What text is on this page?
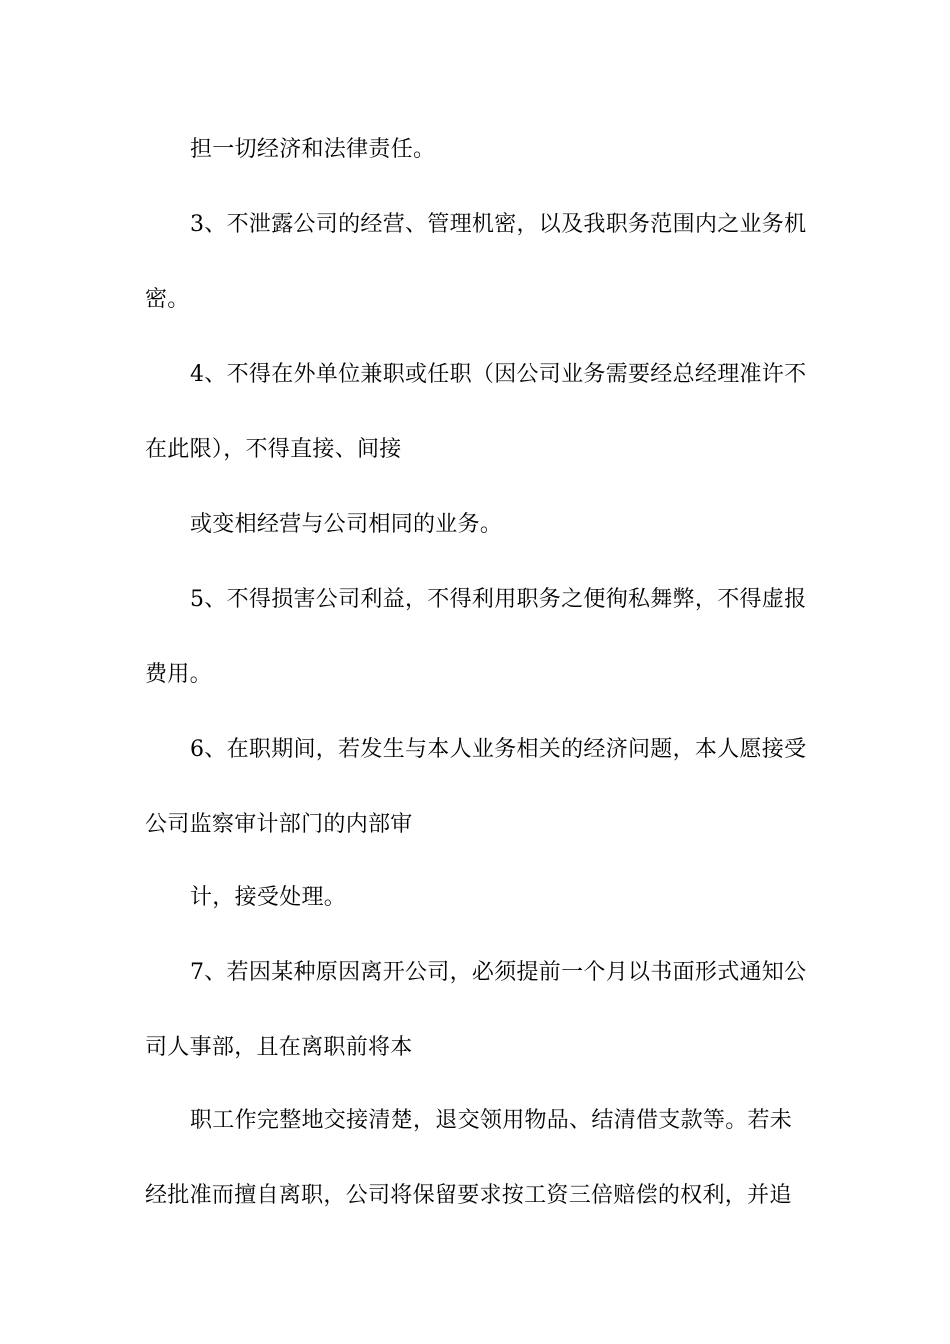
担一切经济和法律责任。
3、不泄露公司的经营、管理机密，以及我职务范围内之业务机
密。
4、不得在外单位兼职或任职（因公司业务需要经总经理准许不
在此限），不得直接、间接
或变相经营与公司相同的业务。
5、不得损害公司利益，不得利用职务之便徇私舞弊，不得虚报
费用。
6、在职期间，若发生与本人业务相关的经济问题，本人愿接受
公司监察审计部门的内部审
计，接受处理。
7、若因某种原因离开公司，必须提前一个月以书面形式通知公
司人事部，且在离职前将本
职工作完整地交接清楚，退交领用物品、结清借支款等。若未
经批准而擅自离职，公司将保留要求按工资三倍赔偿的权利，并追
